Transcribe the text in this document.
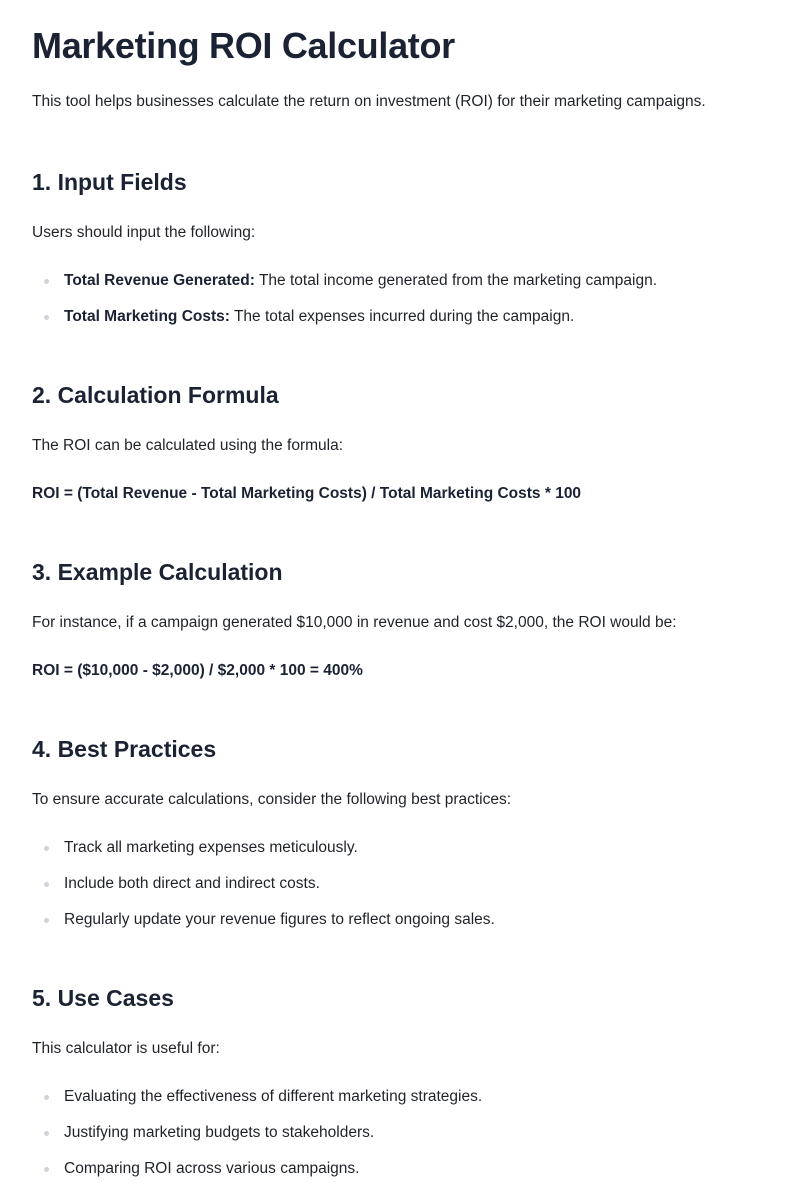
Marketing ROI Calculator

This tool helps businesses calculate the return on investment (ROI) for their marketing campaigns.

1. Input Fields

Users should input the following:

Total Revenue Generated: The total income generated from the marketing campaign.
Total Marketing Costs: The total expenses incurred during the campaign.
2. Calculation Formula

The ROI can be calculated using the formula:

ROI = (Total Revenue - Total Marketing Costs) / Total Marketing Costs * 100

3. Example Calculation

For instance, if a campaign generated $10,000 in revenue and cost $2,000, the ROI would be:

ROI = ($10,000 - $2,000) / $2,000 * 100 = 400%

4. Best Practices

To ensure accurate calculations, consider the following best practices:

Track all marketing expenses meticulously.
Include both direct and indirect costs.
Regularly update your revenue figures to reflect ongoing sales.
5. Use Cases

This calculator is useful for:

Evaluating the effectiveness of different marketing strategies.
Justifying marketing budgets to stakeholders.
Comparing ROI across various campaigns.
